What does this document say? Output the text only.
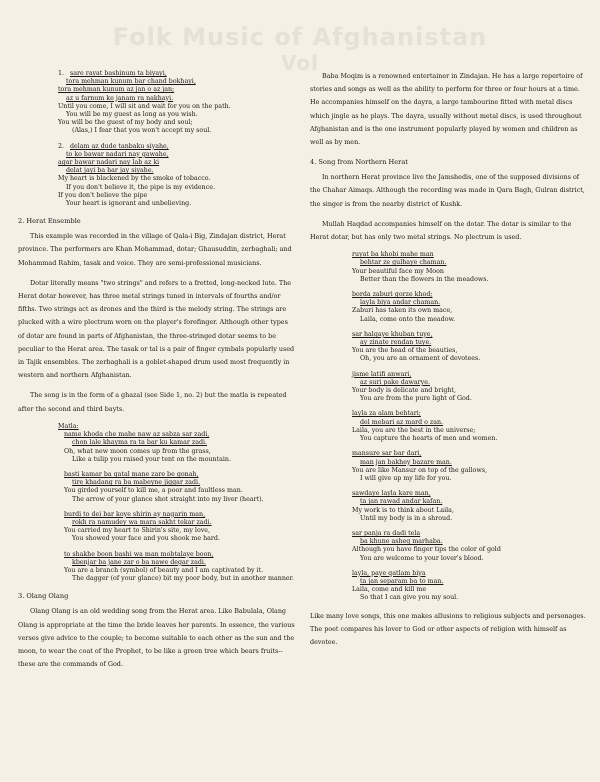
Folk Music of Afghanistan
Vol
1. sare rayat bashinum ta biyayi,
tora mehman kunum bar chand bokhayi,
tora mehman kunum az jan o az jan;
az u farnum ke janam ra nakhayi.
Until you come, I will sit and wait for you on the path.
You will be my guest as long as you wish.
You will be the guest of my body and soul;
(Alas,) I fear that you won't accept my soul.
2. delam az dude tanbaku siyahe,
to ko bawar nadari nay gawahe,
agar bawar nadari nay lab az ki
delat jayi ba har jay siyahe.
My heart is blackened by the smoke of tobacco.
If you don't believe it, the pipe is my evidence.
If you don't believe the pipe
Your heart is ignorant and unbelieving.
2. Herat Ensemble

This example was recorded in the village of Qala-i Big, Zindajan district, Herat province. The performers are Khan Mohammad, dotar; Ghausuddin, zerbaghali; and Mohammad Rahim, tasak and voice. They are semi-professional musicians.

Dotar literally means "two strings" and refers to a fretted, long-necked lute. The Herat dotar however, has three metal strings tuned in intervals of fourths and/or fifths. Two strings act as drones and the third is the melody string. The strings are plucked with a wire plectrum worn on the player's forefinger. Although other types of dotar are found in parts of Afghanistan, the three-stringed dotar seems to be peculiar to the Herat area. The tasak or tal is a pair of finger cymbals popularly used in Tajik ensembles. The zerbaghali is a goblet-shaped drum used most frequently in western and northern Afghanistan.

The song is in the form of a ghazal (see Side 1, no. 2) but the matla is repeated after the second and third bayts.

Matla:
name khoda che mahe naw az sabza sar zadi,
chon lale khayma ra ta bar ku kamar zadi.
Oh, what new moon comes up from the grass,
Like a tulip you raised your tent on the mountain.
basti kamar ba qatal mane zare be gonah,
tire khadang ra ba mabeyne jiggar zadi.
You girded yourself to kill me, a poor and faultless man.
The arrow of your glance shot straight into my liver (heart).
burdi to dei bar koye shirin ay nagarin man,
rokh ra namudey wa mara sakht tekar zadi.
You carried my heart to Shirin's site, my love,
You showed your face and you shook me hard.
to shakhe boon bashi wa man mobtalaye boon,
kbenjar ba jane zar o ba nawe degar zadi.
You are a branch (symbol) of beauty and I am captivated by it.
The dagger (of your glance) bit my poor body, but in another manner.
3. Olang Olang

Olang Olang is an old wedding song from the Herat area. Like Babulala, Olang Olang is appropriate at the time the bride leaves her parents. In essence, the various verses give advice to the couple; to become suitable to each other as the sun and the moon, to wear the coat of the Prophet, to be like a green tree which bears fruits--these are the commands of God.

Baba Moqim is a renowned entertainer in Zindajan. He has a large repertoire of stories and songs as well as the ability to perform for three or four hours at a time. He accompanies himself on the dayra, a large tambourine fitted with metal discs which jingle as he plays. The dayra, usually without metal discs, is used throughout Afghanistan and is the one instrument popularly played by women and children as well as by men.

4. Song from Northern Herat

In northern Herat province live the Jamshedis, one of the supposed divisions of the Chahar Aimaqs. Although the recording was made in Qara Bagh, Gulran district, the singer is from the nearby district of Kushk.

Mullah Haqdad accompanies himself on the dotar. The dotar is similar to the Herat dotar, but has only two metal strings. No plectrum is used.

ruyat ba khobi mahe man
behtar ze gulhaye chaman.
Your beautiful face my Moon
Better than the flowers in the meadows.
borda zaburi gorze khod;
layla biya andar chaman.
Zaburi has taken its own mace,
Laila, come onto the meadow.
sar halqaye khuban tuye,
ay zinate rendan tuye.
You are the head of the beauties,
Oh, you are an ornament of devotees.
jisme latifi anwari,
az suri pake dawarye.
Your body is delicate and bright,
You are from the pure light of God.
layla za alam behtari;
del mebari az mard o zan.
Laila, you are the best in the universe;
You capture the hearts of men and women.
mansure sar bar dari,
man jan bakhey bazare man.
You are like Mansur on top of the gallows,
I will give up my life for you.
sawdaye layla kare man,
ta jan rawad andar kafan.
My work is to think about Laila,
Until my body is in a shroud.
sar panja ra dadi tela
ba khune asheq marhaba.
Although you have finger tips the color of gold
You are welcome to your lover's blood.
layla, paye qatlam biya
ta jan separam ba to man.
Laila, come and kill me
So that I can give you my soul.

Like many love songs, this one makes allusions to religious subjects and personages. The poet compares his lover to God or other aspects of religion with himself as devotee.
